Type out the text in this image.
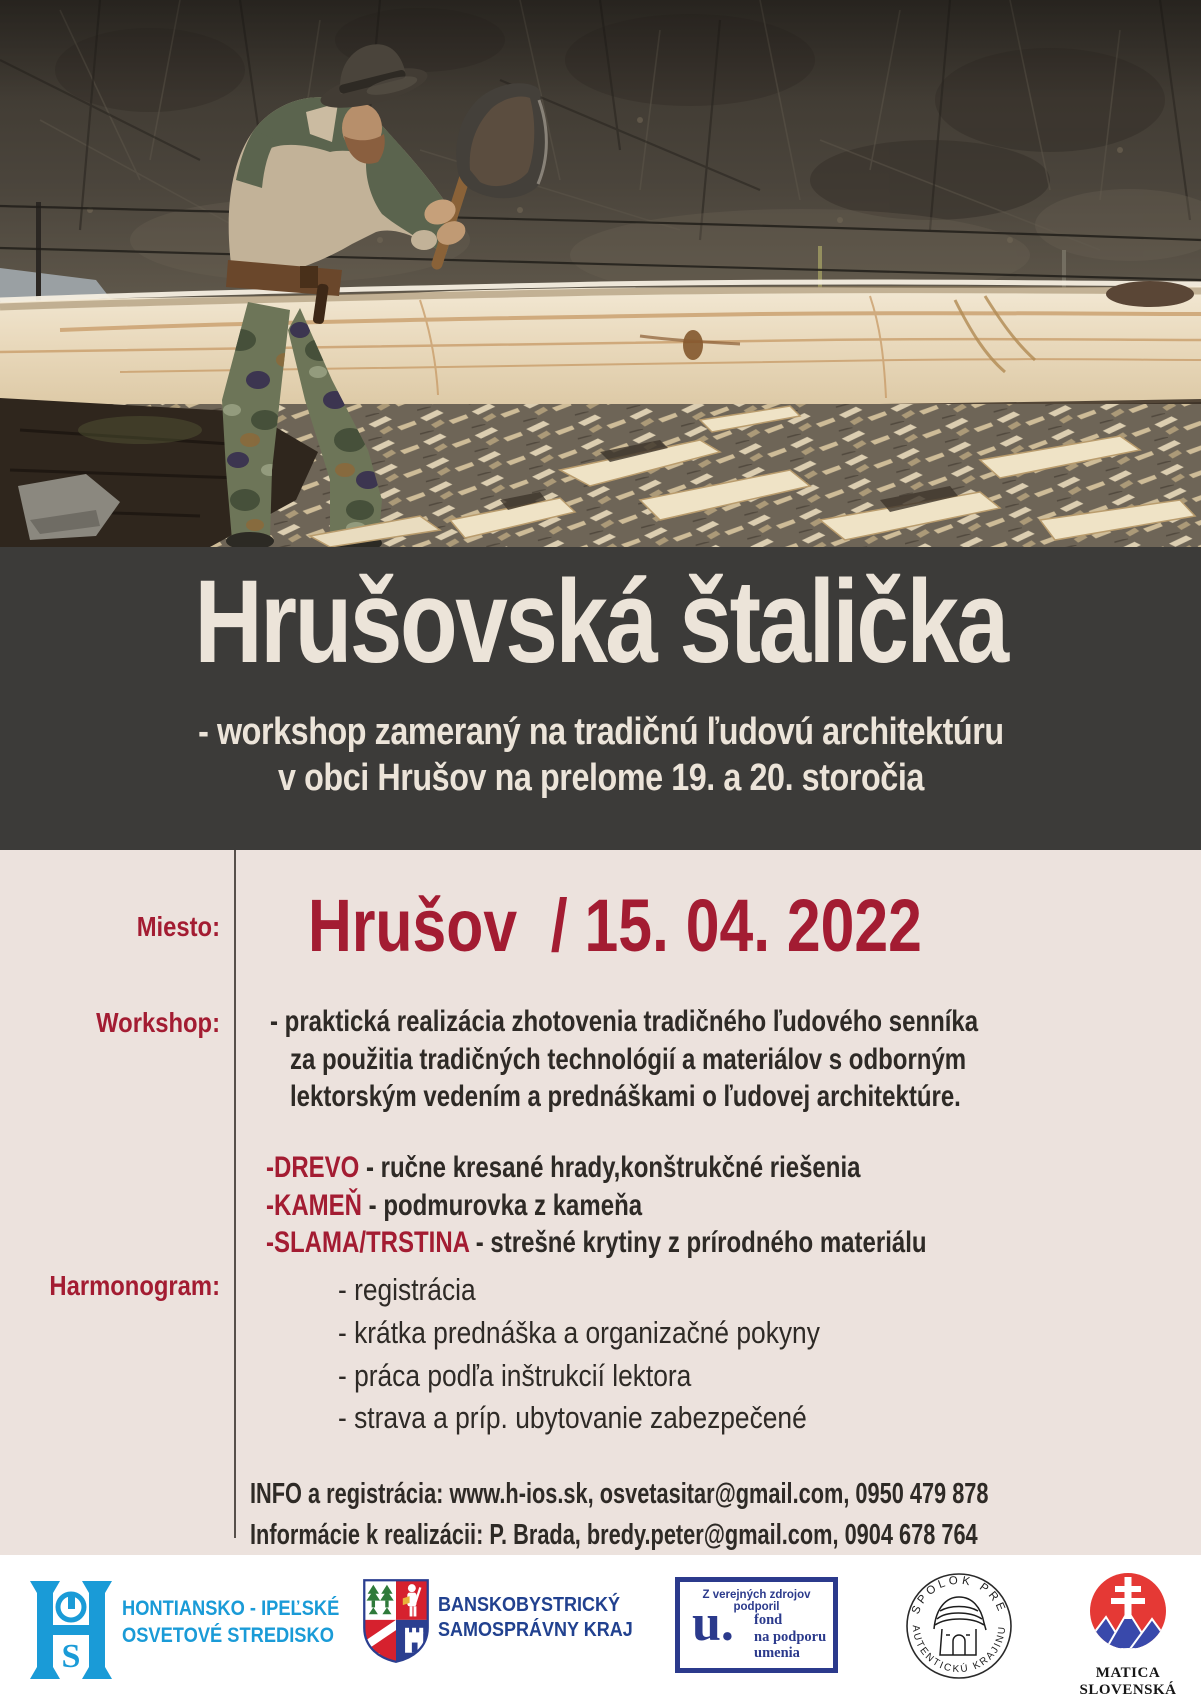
Hrušovská štalička
- workshop zameraný na tradičnú ľudovú architektúru
v obci Hrušov na prelome 19. a 20. storočia
Miesto:
Workshop:
Harmonogram:
Hrušov  / 15. 04. 2022
- praktická realizácia zhotovenia tradičného ľudového senníka
za použitia tradičných technológií a materiálov s odborným
lektorským vedením a prednáškami o ľudovej architektúre.
-DREVO - ručne kresané hrady,konštrukčné riešenia
-KAMEŇ - podmurovka z kameňa
-SLAMA/TRSTINA - strešné krytiny z prírodného materiálu
- registrácia
- krátka prednáška a organizačné pokyny
- práca podľa inštrukcií lektora
- strava a príp. ubytovanie zabezpečené
INFO a registrácia: www.h-ios.sk, osvetasitar@gmail.com, 0950 479 878
Informácie k realizácii: P. Brada, bredy.peter@gmail.com, 0904 678 764
S
HONTIANSKO - IPEĽSKÉ
OSVETOVÉ STREDISKO
BANSKOBYSTRICKÝ
SAMOSPRÁVNY KRAJ
Z verejných zdrojov podporil
u. fond
na podporu
umenia
SPOLOK PRE
AUTENTICKÚ KRAJINU
MATICA
SLOVENSKÁ
